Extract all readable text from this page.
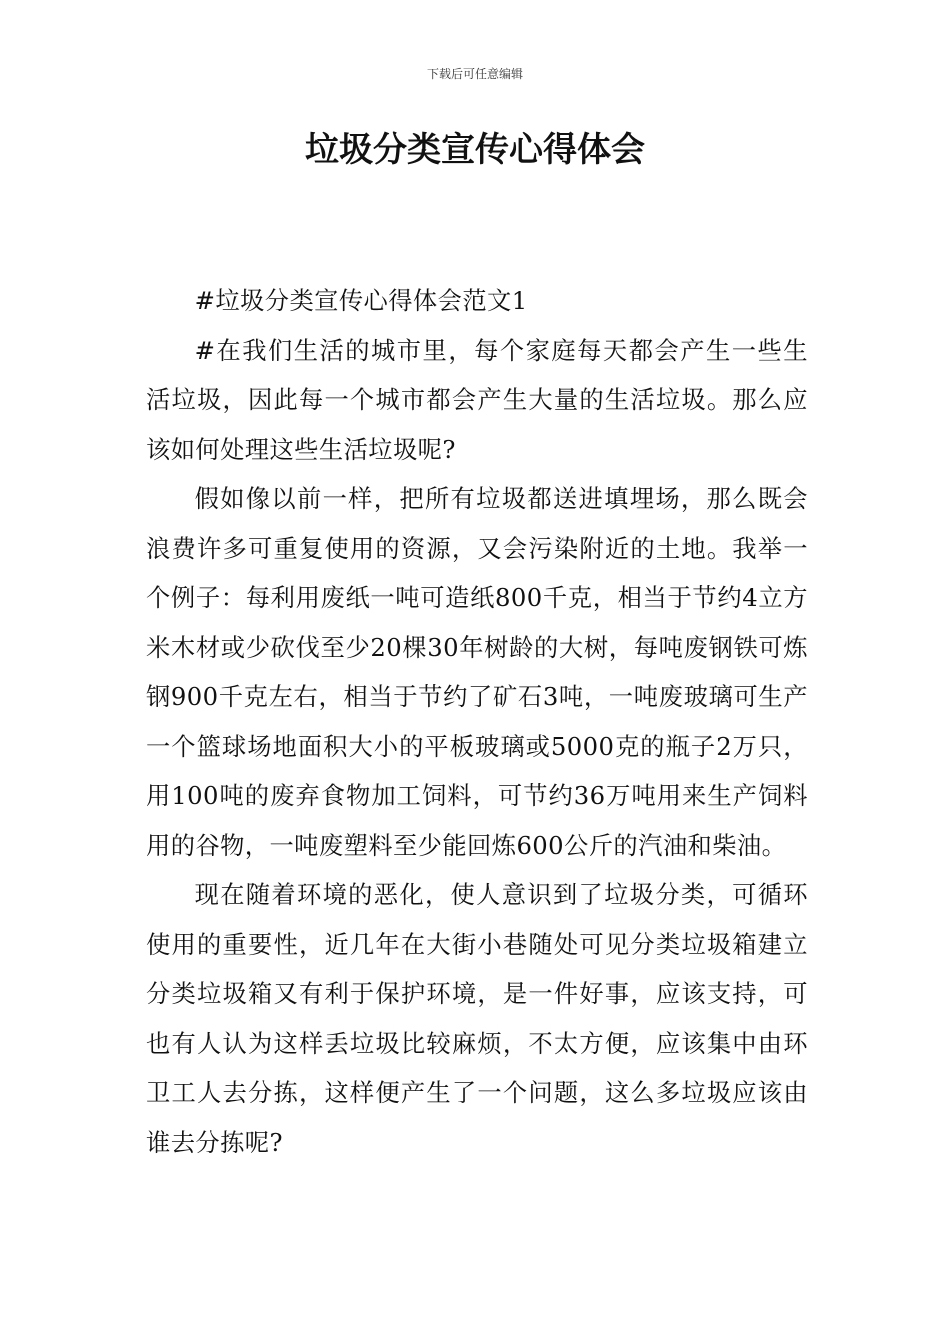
下载后可任意编辑
垃圾分类宣传心得体会

#垃圾分类宣传心得体会范文1

#在我们生活的城市里，每个家庭每天都会产生一些生活垃圾，因此每一个城市都会产生大量的生活垃圾。那么应该如何处理这些生活垃圾呢?

假如像以前一样，把所有垃圾都送进填埋场，那么既会浪费许多可重复使用的资源，又会污染附近的土地。我举一个例子：每利用废纸一吨可造纸800千克，相当于节约4立方米木材或少砍伐至少20棵30年树龄的大树，每吨废钢铁可炼钢900千克左右，相当于节约了矿石3吨，一吨废玻璃可生产一个篮球场地面积大小的平板玻璃或5000克的瓶子2万只，用100吨的废弃食物加工饲料，可节约36万吨用来生产饲料用的谷物，一吨废塑料至少能回炼600公斤的汽油和柴油。

现在随着环境的恶化，使人意识到了垃圾分类，可循环使用的重要性，近几年在大街小巷随处可见分类垃圾箱建立分类垃圾箱又有利于保护环境，是一件好事，应该支持，可也有人认为这样丢垃圾比较麻烦，不太方便，应该集中由环卫工人去分拣，这样便产生了一个问题，这么多垃圾应该由谁去分拣呢?
